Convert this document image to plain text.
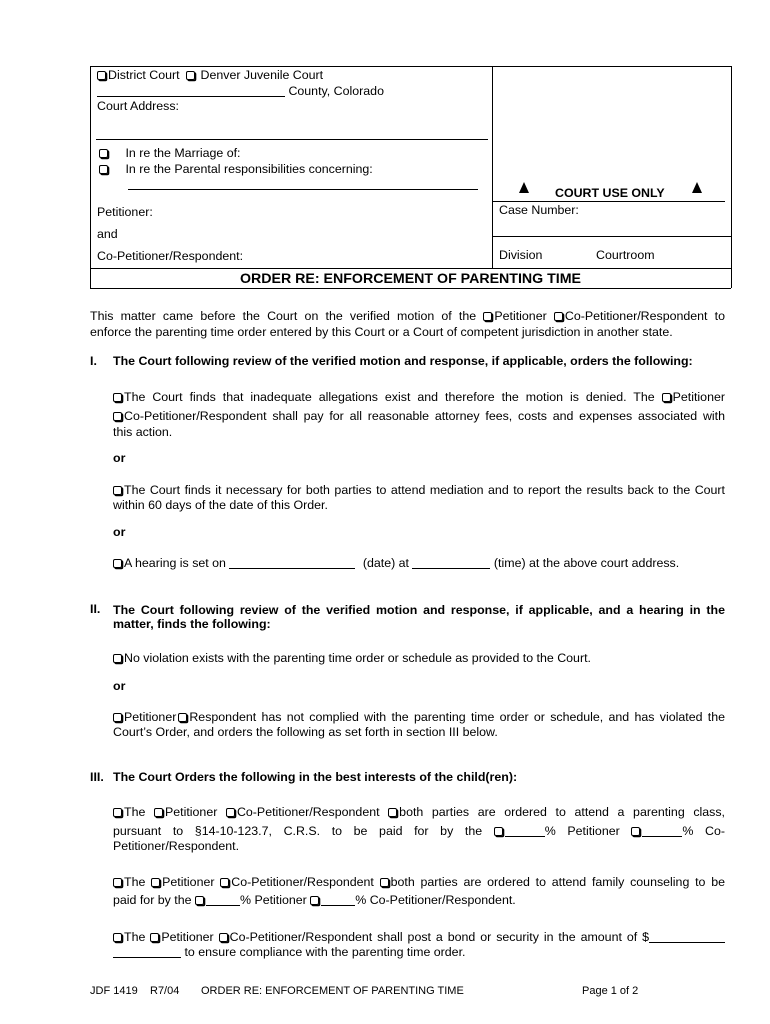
District Court Denver Juvenile Court
County, Colorado
Court Address:
In re the Marriage of:
In re the Parental responsibilities concerning:
Petitioner:
and
Co-Petitioner/Respondent:
COURT USE ONLY
Case Number:
Division	Courtroom
ORDER RE: ENFORCEMENT OF PARENTING TIME
This matter came before the Court on the verified motion of the Petitioner Co-Petitioner/Respondent to
enforce the parenting time order entered by this Court or a Court of competent jurisdiction in another state.
I. The Court following review of the verified motion and response, if applicable, orders the following:
The Court finds that inadequate allegations exist and therefore the motion is denied. The Petitioner
Co-Petitioner/Respondent shall pay for all reasonable attorney fees, costs and expenses associated with
this action.
or
The Court finds it necessary for both parties to attend mediation and to report the results back to the Court
within 60 days of the date of this Order.
or
A hearing is set on	(date) at	(time) at the above court address.
II. The Court following review of the verified motion and response, if applicable, and a hearing in the
matter, finds the following:
No violation exists with the parenting time order or schedule as provided to the Court.
or
Petitioner Respondent has not complied with the parenting time order or schedule, and has violated the
Court’s Order, and orders the following as set forth in section III below.
III. The Court Orders the following in the best interests of the child(ren):
The Petitioner Co-Petitioner/Respondent both parties are ordered to attend a parenting class,
pursuant to §14-10-123.7, C.R.S. to be paid for by the	% Petitioner	% Co-
Petitioner/Respondent.
The Petitioner Co-Petitioner/Respondent both parties are ordered to attend family counseling to be
paid for by the	% Petitioner	% Co-Petitioner/Respondent.
The Petitioner Co-Petitioner/Respondent shall post a bond or security in the amount of $
to ensure compliance with the parenting time order.
JDF 1419 R7/04 ORDER RE: ENFORCEMENT OF PARENTING TIME	Page 1 of 2
